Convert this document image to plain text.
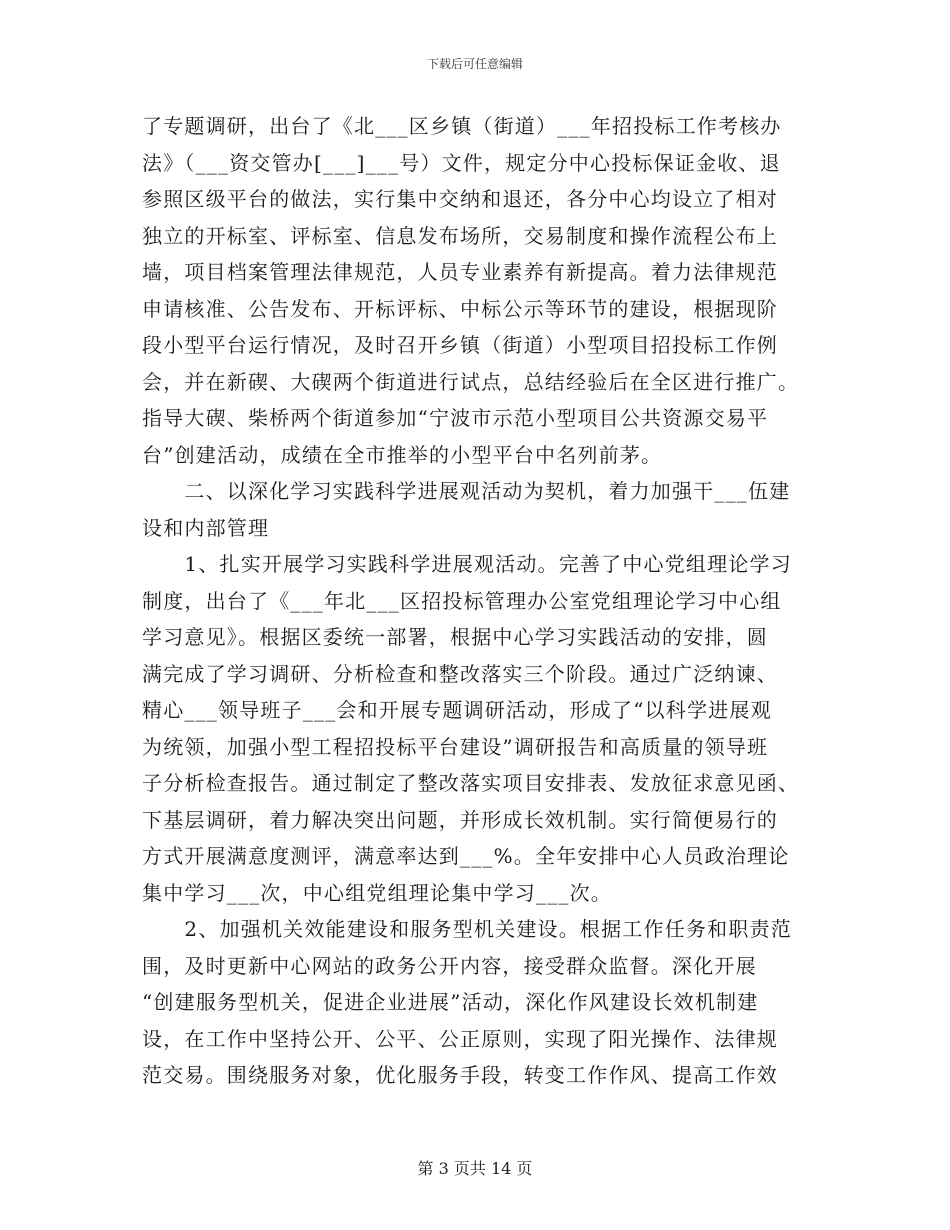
下载后可任意编辑
了专题调研，出台了《北___区乡镇（街道）___年招投标工作考核办
法》（___资交管办[___]___号）文件，规定分中心投标保证金收、退
参照区级平台的做法，实行集中交纳和退还，各分中心均设立了相对
独立的开标室、评标室、信息发布场所，交易制度和操作流程公布上
墙，项目档案管理法律规范，人员专业素养有新提高。着力法律规范
申请核准、公告发布、开标评标、中标公示等环节的建设，根据现阶
段小型平台运行情况，及时召开乡镇（街道）小型项目招投标工作例
会，并在新碶、大碶两个街道进行试点，总结经验后在全区进行推广。
指导大碶、柴桥两个街道参加“宁波市示范小型项目公共资源交易平
台”创建活动，成绩在全市推举的小型平台中名列前茅。
　　二、以深化学习实践科学进展观活动为契机，着力加强干___伍建
设和内部管理
　　1、扎实开展学习实践科学进展观活动。完善了中心党组理论学习
制度，出台了《___年北___区招投标管理办公室党组理论学习中心组
学习意见》。根据区委统一部署，根据中心学习实践活动的安排，圆
满完成了学习调研、分析检查和整改落实三个阶段。通过广泛纳谏、
精心___领导班子___会和开展专题调研活动，形成了“以科学进展观
为统领，加强小型工程招投标平台建设”调研报告和高质量的领导班
子分析检查报告。通过制定了整改落实项目安排表、发放征求意见函、
下基层调研，着力解决突出问题，并形成长效机制。实行简便易行的
方式开展满意度测评，满意率达到___%。全年安排中心人员政治理论
集中学习___次，中心组党组理论集中学习___次。
　　2、加强机关效能建设和服务型机关建设。根据工作任务和职责范
围，及时更新中心网站的政务公开内容，接受群众监督。深化开展
“创建服务型机关，促进企业进展”活动，深化作风建设长效机制建
设，在工作中坚持公开、公平、公正原则，实现了阳光操作、法律规
范交易。围绕服务对象，优化服务手段，转变工作作风、提高工作效
第 3 页共 14 页
